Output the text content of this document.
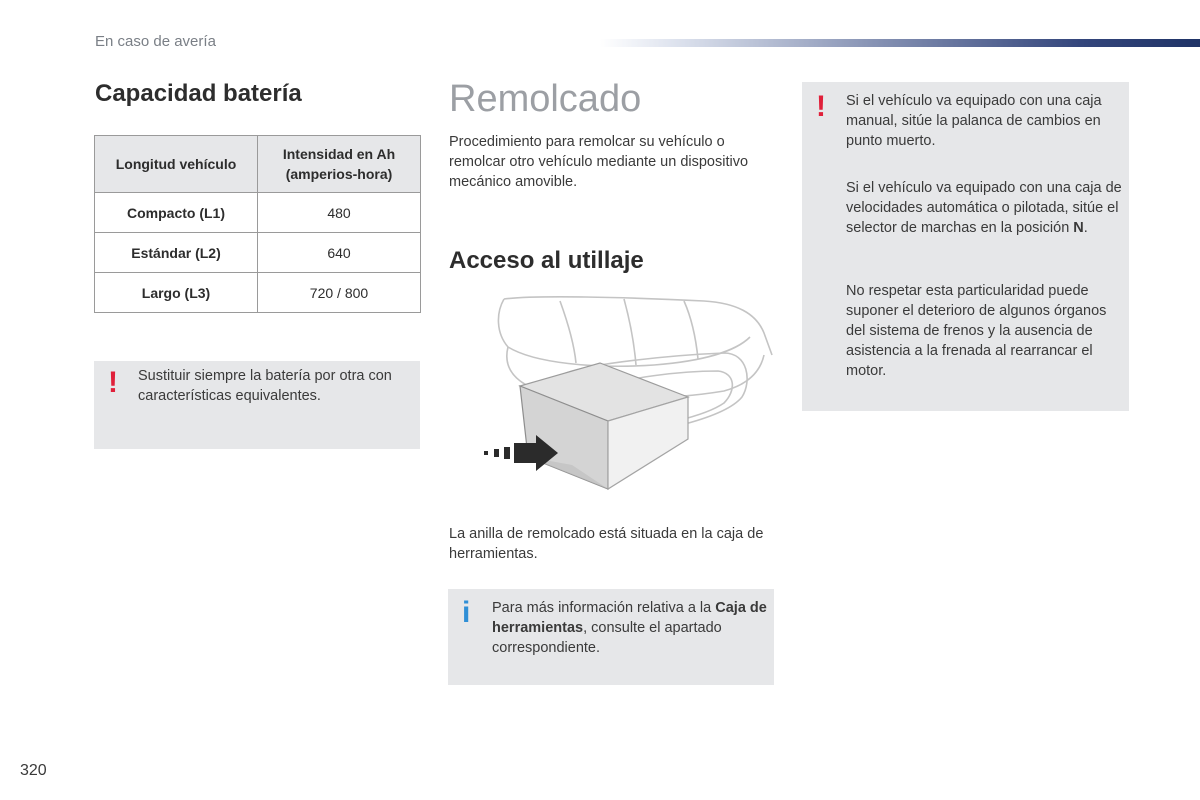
En caso de avería
Capacidad batería
Longitud vehículo	Intensidad en Ah (amperios-hora)

Compacto (L1)	480
Estándar (L2)	640
Largo (L3)	720 / 800
! Sustituir siempre la batería por otra con características equivalentes.
Remolcado
Procedimiento para remolcar su vehículo o remolcar otro vehículo mediante un dispositivo mecánico amovible.
Acceso al utillaje
La anilla de remolcado está situada en la caja de herramientas.
i Para más información relativa a la Caja de herramientas, consulte el apartado correspondiente.
! Si el vehículo va equipado con una caja manual, sitúe la palanca de cambios en punto muerto.
Si el vehículo va equipado con una caja de velocidades automática o pilotada, sitúe el selector de marchas en la posición N.
No respetar esta particularidad puede suponer el deterioro de algunos órganos del sistema de frenos y la ausencia de asistencia a la frenada al rearrancar el motor.
320
